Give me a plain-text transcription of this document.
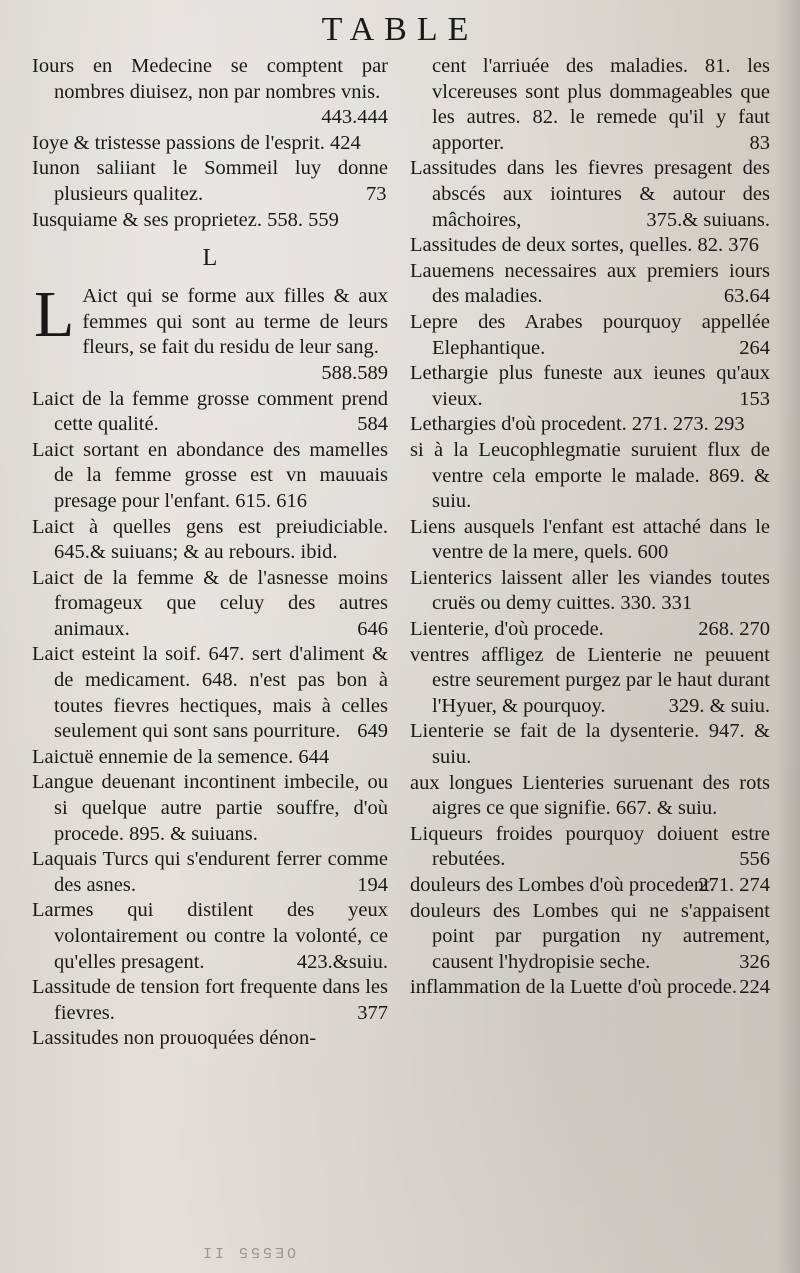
TABLE
Iours en Medecine se comptent par nombres diuisez, non par nombres vnis.
443.444
Ioye & tristesse passions de l'esprit. 424
Iunon saliiant le Sommeil luy donne plusieurs qualitez.	73
Iusquiame & ses proprietez. 558. 559
L
L Aict qui se forme aux filles & aux femmes qui sont au terme de leurs fleurs, se fait du residu de leur sang.
588.589
Laict de la femme grosse comment prend cette qualité.	584
Laict sortant en abondance des mamelles de la femme grosse est vn mauuais presage pour l'enfant. 615. 616
Laict à quelles gens est preiudiciable. 645.& suiuans; & au rebours. ibid.
Laict de la femme & de l'asnesse moins fromageux que celuy des autres animaux.	646
Laict esteint la soif. 647. sert d'aliment & de medicament. 648. n'est pas bon à toutes fievres hectiques, mais à celles seulement qui sont sans pourriture. 649
Laictuë ennemie de la semence. 644
Langue deuenant incontinent imbecile, ou si quelque autre partie souffre, d'où procede. 895. & suiuans.
Laquais Turcs qui s'endurent ferrer comme des asnes.	194
Larmes qui distilent des yeux volontairement ou contre la volonté, ce qu'elles presagent.	423.&suiu.
Lassitude de tension fort frequente dans les fievres.	377
Lassitudes non prouoquées dénon-
cent l'arriuée des maladies. 81. les vlcereuses sont plus dommageables que les autres. 82. le remede qu'il y faut apporter.	83
Lassitudes dans les fievres presagent des abscés aux iointures & autour des mâchoires,	375.& suiuans.
Lassitudes de deux sortes, quelles. 82. 376
Lauemens necessaires aux premiers iours des maladies.	63.64
Lepre des Arabes pourquoy appellée Elephantique.	264
Lethargie plus funeste aux ieunes qu'aux vieux.	153
Lethargies d'où procedent. 271. 273. 293
si à la Leucophlegmatie suruient flux de ventre cela emporte le malade. 869. & suiu.
Liens ausquels l'enfant est attaché dans le ventre de la mere, quels. 600
Lienterics laissent aller les viandes toutes cruës ou demy cuittes. 330. 331
Lienterie, d'où procede.	268. 270
ventres affligez de Lienterie ne peuuent estre seurement purgez par le haut durant l'Hyuer, & pourquoy.	329. & suiu.
Lienterie se fait de la dysenterie. 947. & suiu.
aux longues Lienteries suruenant des rots aigres ce que signifie. 667. & suiu.
Liqueurs froides pourquoy doiuent estre rebutées.	556
douleurs des Lombes d'où procedent.
271. 274
douleurs des Lombes qui ne s'appaisent point par purgation ny autrement, causent l'hydropisie seche.	326
inflammation de la Luette d'où procede. 224
OE555 II
